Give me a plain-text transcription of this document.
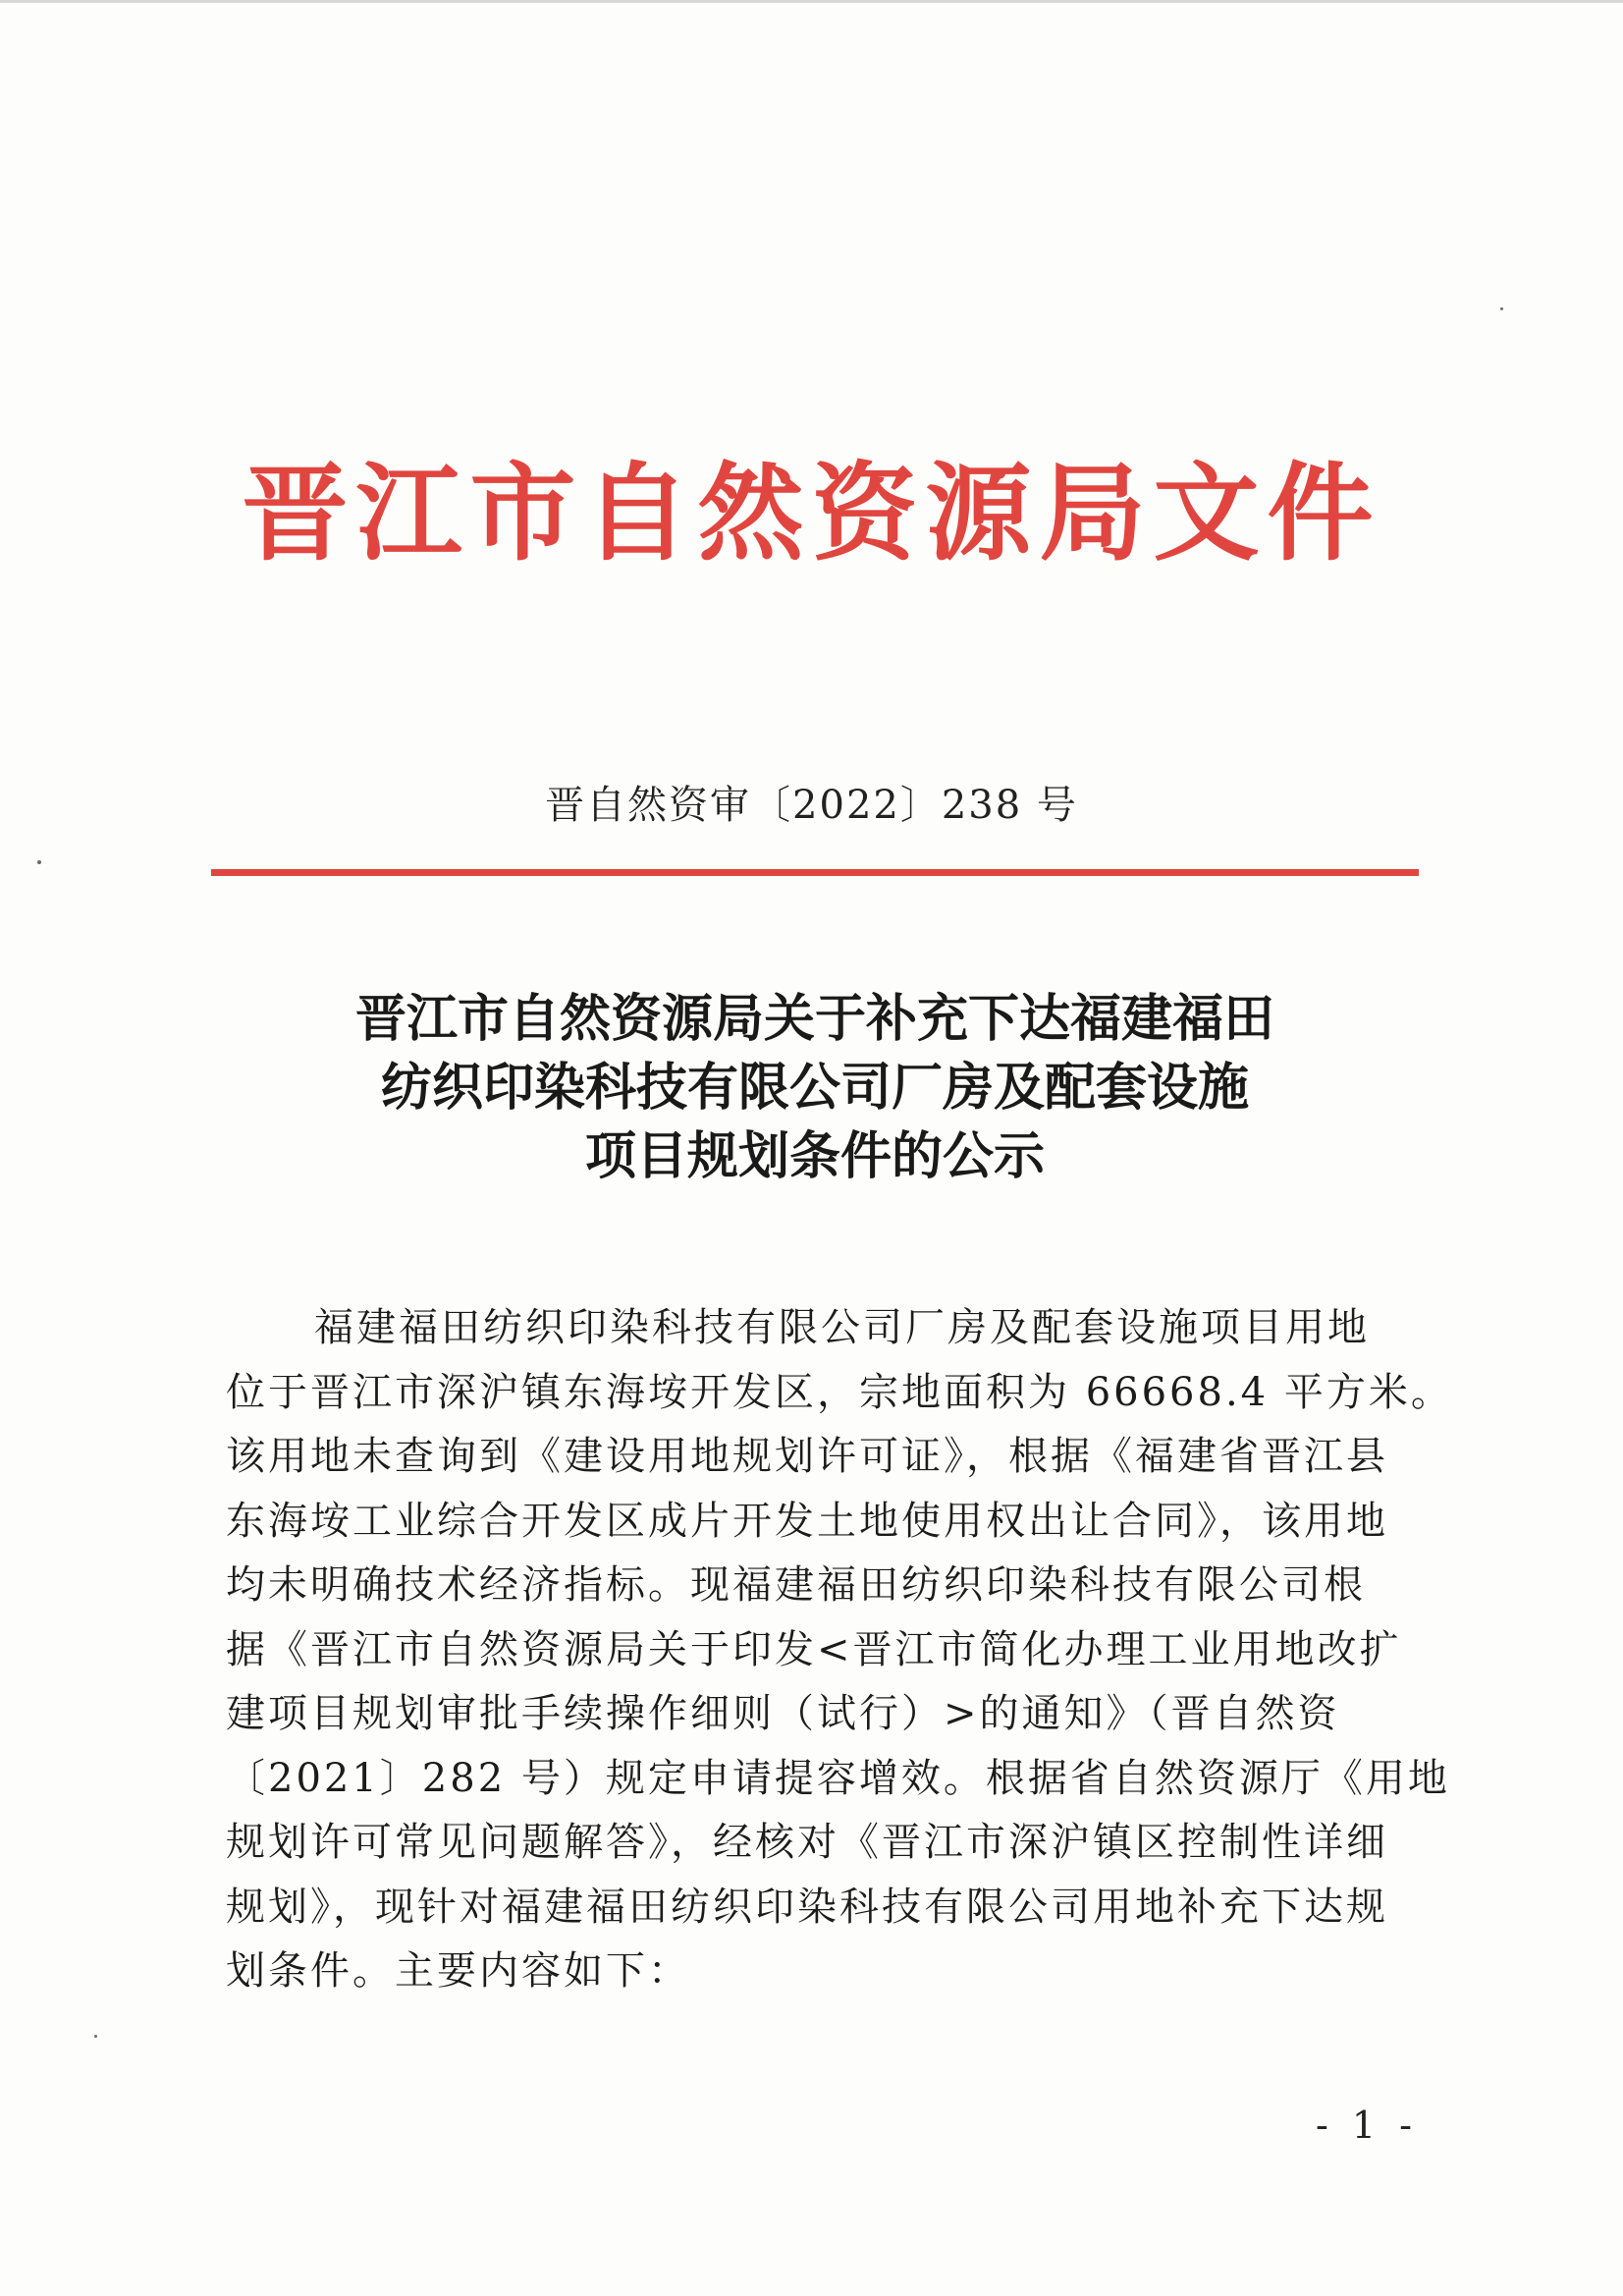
晋江市自然资源局文件
晋自然资审〔2022〕238 号
晋江市自然资源局关于补充下达福建福田
纺织印染科技有限公司厂房及配套设施
项目规划条件的公示
福建福田纺织印染科技有限公司厂房及配套设施项目用地
位于晋江市深沪镇东海垵开发区，宗地面积为 66668.4 平方米。
该用地未查询到《建设用地规划许可证》，根据《福建省晋江县
东海垵工业综合开发区成片开发土地使用权出让合同》，该用地
均未明确技术经济指标。现福建福田纺织印染科技有限公司根
据《晋江市自然资源局关于印发<晋江市简化办理工业用地改扩
建项目规划审批手续操作细则（试行）>的通知》（晋自然资
〔2021〕282 号）规定申请提容增效。根据省自然资源厅《用地
规划许可常见问题解答》，经核对《晋江市深沪镇区控制性详细
规划》，现针对福建福田纺织印染科技有限公司用地补充下达规
划条件。主要内容如下：
- 1 -
